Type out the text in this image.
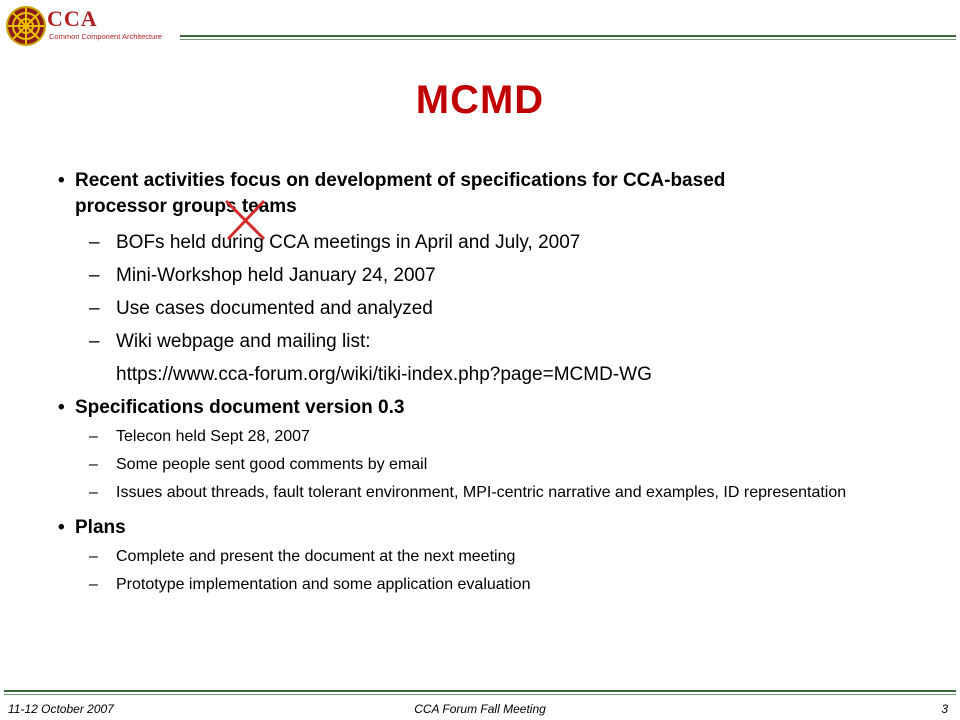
CCA
Common Component Architecture
MCMD
• Recent activities focus on development of specifications for CCA-based
processor groups teams
– BOFs held during CCA meetings in April and July, 2007
– Mini-Workshop held January 24, 2007
– Use cases documented and analyzed
– Wiki webpage and mailing list:
https://www.cca-forum.org/wiki/tiki-index.php?page=MCMD-WG
• Specifications document version 0.3
– Telecon held Sept 28, 2007
– Some people sent good comments by email
– Issues about threads, fault tolerant environment, MPI-centric narrative and examples, ID representation
• Plans
– Complete and present the document at the next meeting
– Prototype implementation and some application evaluation
11-12 October 2007	CCA Forum Fall Meeting	3
